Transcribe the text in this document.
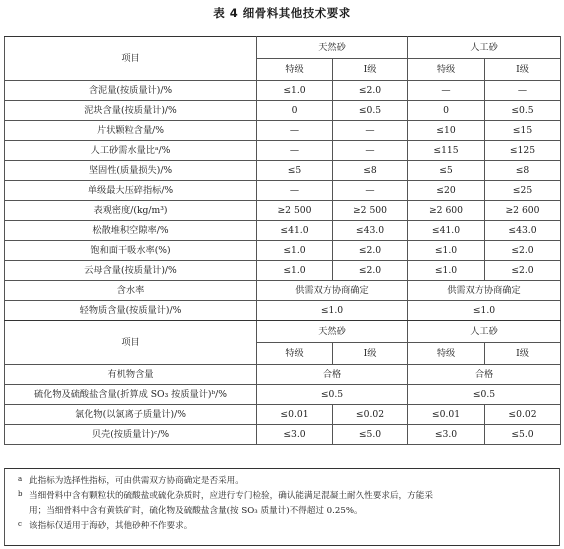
表 4 细骨料其他技术要求
项目	天然砂		人工砂	
	特级	Ⅰ级	特级	Ⅰ级
含泥量(按质量计)/%	≤1.0	≤2.0	—	—
泥块含量(按质量计)/%	0	≤0.5	0	≤0.5
片状颗粒含量/%	—	—	≤10	≤15
人工砂需水量比ᵃ/%	—	—	≤115	≤125
坚固性(质量损失)/%	≤5	≤8	≤5	≤8
单级最大压碎指标/%	—	—	≤20	≤25
表观密度/(kg/m³)	≥2 500	≥2 500	≥2 600	≥2 600
松散堆积空隙率/%	≤41.0	≤43.0	≤41.0	≤43.0
饱和面干吸水率(%)	≤1.0	≤2.0	≤1.0	≤2.0
云母含量(按质量计)/%	≤1.0	≤2.0	≤1.0	≤2.0
含水率	供需双方协商确定		供需双方协商确定	
轻物质含量(按质量计)/%	≤1.0		≤1.0	
项目	天然砂		人工砂	
	特级	Ⅰ级	特级	Ⅰ级
有机物含量	合格		合格	
硫化物及硫酸盐含量(折算成 SO₃ 按质量计)ᵇ/%	≤0.5		≤0.5	
氯化物(以氯离子质量计)/%	≤0.01	≤0.02	≤0.01	≤0.02
贝壳(按质量计)ᶜ/%	≤3.0	≤5.0	≤3.0	≤5.0

a 此指标为选择性指标，可由供需双方协商确定是否采用。

b 当细骨料中含有颗粒状的硫酸盐或硫化杂质时，应进行专门检验，确认能满足混凝土耐久性要求后，方能采
用；当细骨料中含有黄铁矿时，硫化物及硫酸盐含量(按 SO₃ 质量计)不得超过 0.25%。

c 该指标仅适用于海砂，其他砂种不作要求。
